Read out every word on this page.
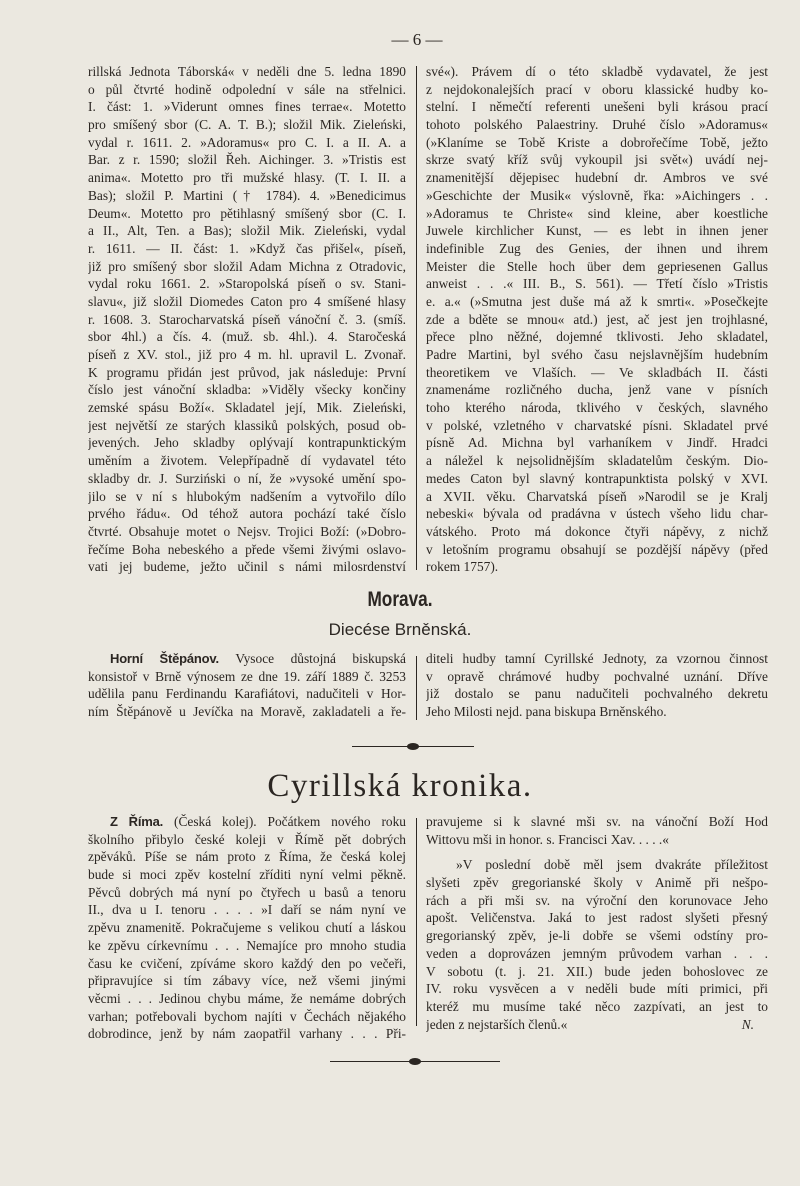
— 6 —
rillská Jednota Táborská« v neděli dne 5. ledna 1890
o půl čtvrté hodině odpolední v sále na střelnici.
I. část: 1. »Viderunt omnes fines terrae«. Motetto
pro smíšený sbor (C. A. T. B.); složil Mik. Zieleński,
vydal r. 1611. 2. »Adoramus« pro C. I. a II. A. a
Bar. z r. 1590; složil Řeh. Aichinger. 3. »Tristis est
anima«. Motetto pro tři mužské hlasy. (T. I. II. a
Bas); složil P. Martini († 1784). 4. »Benedicimus
Deum«. Motetto pro pětihlasný smíšený sbor (C. I.
a II., Alt, Ten. a Bas); složil Mik. Zieleński, vydal
r. 1611. — II. část: 1. »Když čas přišel«, píseň,
již pro smíšený sbor složil Adam Michna z Otradovic,
vydal roku 1661. 2. »Staropolská píseň o sv. Stani-
slavu«, již složil Diomedes Caton pro 4 smíšené hlasy
r. 1608. 3. Starocharvatská píseň vánoční č. 3. (smíš.
sbor 4hl.) a čís. 4. (muž. sb. 4hl.). 4. Staročeská
píseň z XV. stol., již pro 4 m. hl. upravil L. Zvonař.
K programu přidán jest průvod, jak následuje: První
číslo jest vánoční skladba: »Viděly všecky končiny
zemské spásu Boží«. Skladatel její, Mik. Zieleński,
jest největší ze starých klassiků polských, posud ob-
jevených. Jeho skladby oplývají kontrapunktickým
uměním a životem. Velepřípadně dí vydavatel této
skladby dr. J. Surziński o ní, že »vysoké umění spo-
jilo se v ní s hlubokým nadšením a vytvořilo dílo
prvého řádu«. Od téhož autora pochází také číslo
čtvrté. Obsahuje motet o Nejsv. Trojici Boží: (»Dobro-
řečíme Boha nebeského a přede všemi živými oslavo-
vati jej budeme, ježto učinil s námi milosrdenství
své«). Právem dí o této skladbě vydavatel, že jest
z nejdokonalejších prací v oboru klassické hudby ko-
stelní. I němečtí referenti unešeni byli krásou prací
tohoto polského Palaestriny. Druhé číslo »Adoramus«
(»Klaníme se Tobě Kriste a dobrořečíme Tobě, ježto
skrze svatý kříž svůj vykoupil jsi svět«) uvádí nej-
znamenitější dějepisec hudební dr. Ambros ve své
»Geschichte der Musik« výslovně, řka: »Aichingers . .
»Adoramus te Christe« sind kleine, aber koestliche
Juwele kirchlicher Kunst, — es lebt in ihnen jener
indefinible Zug des Genies, der ihnen und ihrem
Meister die Stelle hoch über dem gepriesenen Gallus
anweist . . .« III. B., S. 561). — Třetí číslo »Tristis
e. a.« (»Smutna jest duše má až k smrti«. »Posečkejte
zde a bděte se mnou« atd.) jest, ač jest jen trojhlasné,
přece plno něžné, dojemné tklivosti. Jeho skladatel,
Padre Martini, byl svého času nejslavnějším hudebním
theoretikem ve Vlaších. — Ve skladbách II. části
znamenáme rozličného ducha, jenž vane v písních
toho kterého národa, tklivého v českých, slavného
v polské, vzletného v charvatské písni. Skladatel prvé
písně Ad. Michna byl varhaníkem v Jindř. Hradci
a náležel k nejsolidnějším skladatelům českým. Dio-
medes Caton byl slavný kontrapunktista polský v XVI.
a XVII. věku. Charvatská píseň »Narodil se je Kralj
nebeski« bývala od pradávna v ústech všeho lidu char-
vátského. Proto má dokonce čtyři nápěvy, z nichž
v letošním programu obsahují se pozdější nápěvy (před
rokem 1757).
Morava.
Diecése Brněnská.
Horní Štěpánov. Vysoce důstojná biskupská
konsistoř v Brně výnosem ze dne 19. září 1889 č. 3253
udělila panu Ferdinandu Karafiátovi, nadučiteli v Hor-
ním Štěpánově u Jevíčka na Moravě, zakladateli a ře-
diteli hudby tamní Cyrillské Jednoty, za vzornou činnost
v opravě chrámové hudby pochvalné uznání. Dříve
již dostalo se panu nadučiteli pochvalného dekretu
Jeho Milosti nejd. pana biskupa Brněnského.
Cyrillská kronika.
Z Říma. (Česká kolej). Počátkem nového roku
školního přibylo české koleji v Římě pět dobrých
zpěváků. Píše se nám proto z Říma, že česká kolej
bude si moci zpěv kostelní zříditi nyní velmi pěkně.
Pěvců dobrých má nyní po čtyřech u basů a tenoru
II., dva u I. tenoru . . . . »I daří se nám nyní ve
zpěvu znamenitě. Pokračujeme s velikou chutí a láskou
ke zpěvu církevnímu . . . Nemajíce pro mnoho studia
času ke cvičení, zpíváme skoro každý den po večeři,
připravujíce si tím zábavy více, než všemi jinými
věcmi . . . Jedinou chybu máme, že nemáme dobrých
varhan; potřebovali bychom najíti v Čechách nějakého
dobrodince, jenž by nám zaopatřil varhany . . . Při-
pravujeme si k slavné mši sv. na vánoční Boží Hod
Wittovu mši in honor. s. Francisci Xav. . . . .«
»V poslední době měl jsem dvakráte příležitost
slyšeti zpěv gregorianské školy v Animě při nešpo-
rách a při mši sv. na výroční den korunovace Jeho
apošt. Veličenstva. Jaká to jest radost slyšeti přesný
gregorianský zpěv, je-li dobře se všemi odstíny pro-
veden a doprovázen jemným průvodem varhan . . .
V sobotu (t. j. 21. XII.) bude jeden bohoslovec ze
IV. roku vysvěcen a v neděli bude míti primici, při
kteréž mu musíme také něco zazpívati, an jest to
jeden z nejstarších členů.«	N.
